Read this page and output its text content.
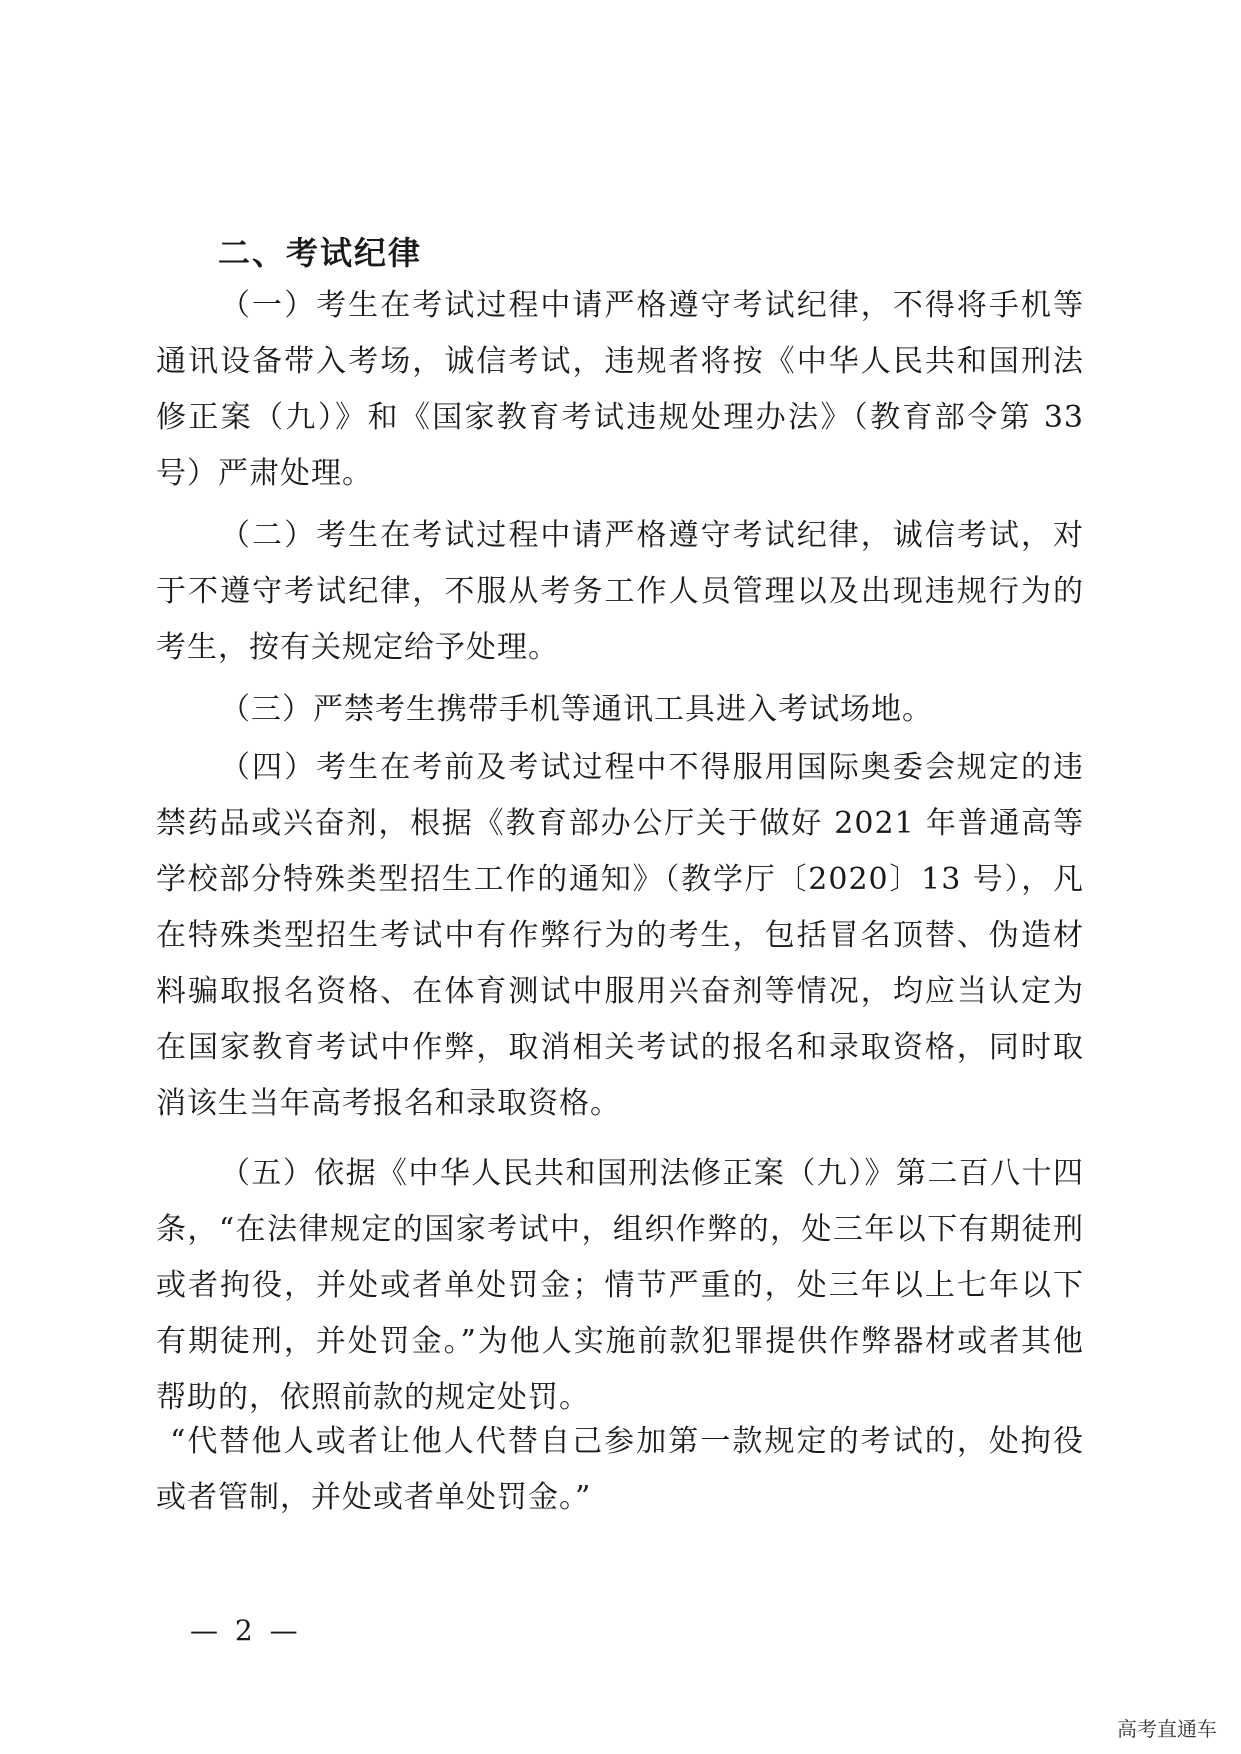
二、考试纪律

（一）考生在考试过程中请严格遵守考试纪律，不得将手机等通讯设备带入考场，诚信考试，违规者将按《中华人民共和国刑法修正案（九）》和《国家教育考试违规处理办法》（教育部令第 33 号）严肃处理。

（二）考生在考试过程中请严格遵守考试纪律，诚信考试，对于不遵守考试纪律，不服从考务工作人员管理以及出现违规行为的考生，按有关规定给予处理。

（三）严禁考生携带手机等通讯工具进入考试场地。

（四）考生在考前及考试过程中不得服用国际奥委会规定的违禁药品或兴奋剂，根据《教育部办公厅关于做好 2021 年普通高等学校部分特殊类型招生工作的通知》（教学厅〔2020〕13 号），凡在特殊类型招生考试中有作弊行为的考生，包括冒名顶替、伪造材料骗取报名资格、在体育测试中服用兴奋剂等情况，均应当认定为在国家教育考试中作弊，取消相关考试的报名和录取资格，同时取消该生当年高考报名和录取资格。

（五）依据《中华人民共和国刑法修正案（九）》第二百八十四条，“在法律规定的国家考试中，组织作弊的，处三年以下有期徒刑或者拘役，并处或者单处罚金；情节严重的，处三年以上七年以下有期徒刑，并处罚金。”为他人实施前款犯罪提供作弊器材或者其他帮助的，依照前款的规定处罚。

“代替他人或者让他人代替自己参加第一款规定的考试的，处拘役或者管制，并处或者单处罚金。”

— 2 —
高考直通车
